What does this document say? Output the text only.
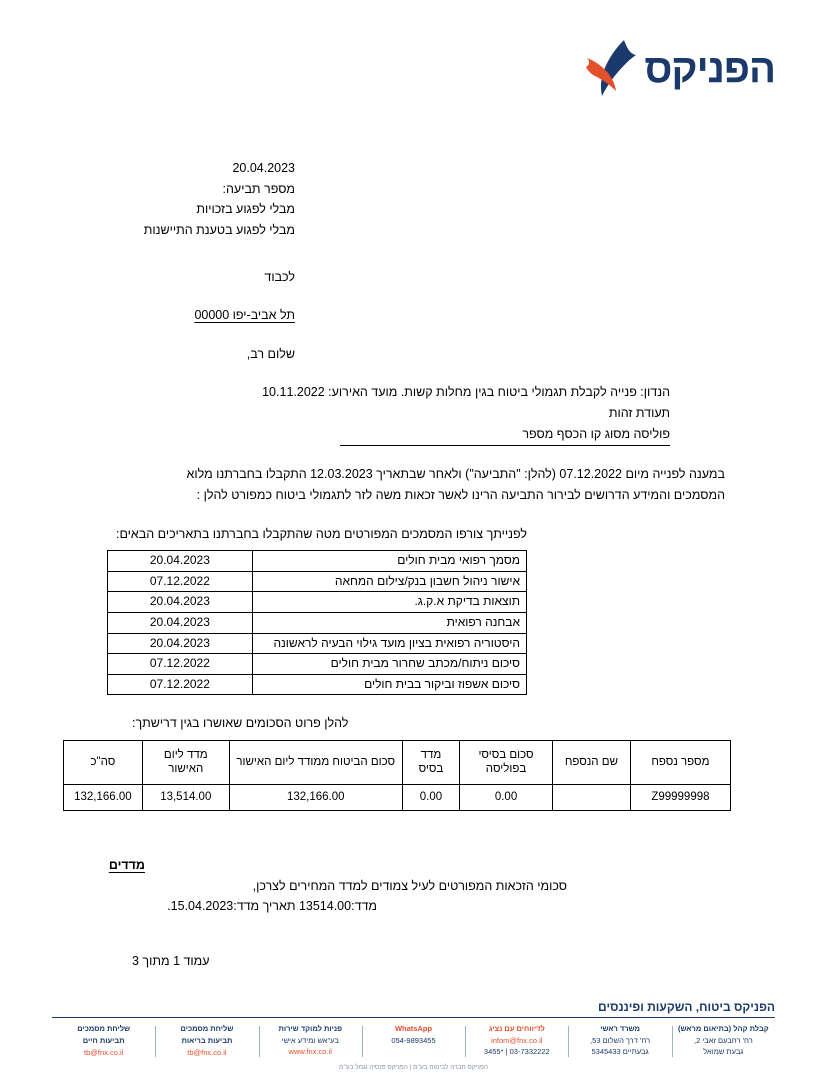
הפניקס
20.04.2023
מספר תביעה:
מבלי לפגוע בזכויות
מבלי לפגוע בטענת התיישנות
לכבוד
תל אביב-יפו 00000
שלום רב,
הנדון: פנייה לקבלת תגמולי ביטוח בגין מחלות קשות. מועד האירוע: 10.11.2022
תעודת זהות
פוליסה מסוג קו הכסף מספר
במענה לפנייה מיום 07.12.2022 (להלן: "התביעה") ולאחר שבתאריך 12.03.2023 התקבלו בחברתנו מלוא
המסמכים והמידע הדרושים לבירור התביעה הרינו לאשר זכאות משה לזר לתגמולי ביטוח כמפורט להלן :
לפנייתך צורפו המסמכים המפורטים מטה שהתקבלו בחברתנו בתאריכים הבאים:
מסמך רפואי מבית חולים	20.04.2023
אישור ניהול חשבון בנק/צילום המחאה	07.12.2022
תוצאות בדיקת א.ק.ג.	20.04.2023
אבחנה רפואית	20.04.2023
היסטוריה רפואית בציון מועד גילוי הבעיה לראשונה	20.04.2023
סיכום ניתוח/מכתב שחרור מבית חולים	07.12.2022
סיכום אשפוז וביקור בבית חולים	07.12.2022
להלן פרוט הסכומים שאושרו בגין דרישתך:
מספר נספח	שם הנספח	סכום בסיסי בפוליסה	מדד בסיס	סכום הביטוח ממודד ליום האישור	מדד ליום האישור	סה"כ
Z99999998		0.00	0.00	132,166.00	13,514.00	132,166.00
מדדים
סכומי הזכאות המפורטים לעיל צמודים למדד המחירים לצרכן,
מדד:13514.00 תאריך מדד:15.04.2023.
עמוד 1 מתוך 3
הפניקס ביטוח, השקעות ופיננסים
קבלת קהל (בתיאום מראש)
רח' רחבעם זאבי 2,
גבעת שמואל
משרד ראשי
רח' דרך השלום 53,
גבעתיים 5345433
לדיווחים עם נציג
infom@fnx.co.il
03-7332222 | *3455
WhatsApp
054-9893455
פניות למוקד שירות
בע"אש ומידע אישי
www.fnx.co.il
שליחת מסמכים
תביעות בריאות
tb@fnx.co.il
שליחת מסמכים
תביעות חיים
tb@fnx.co.il
הפניקס חברה לביטוח בע"מ | הפניקס פנסיה וגמל בע"מ
